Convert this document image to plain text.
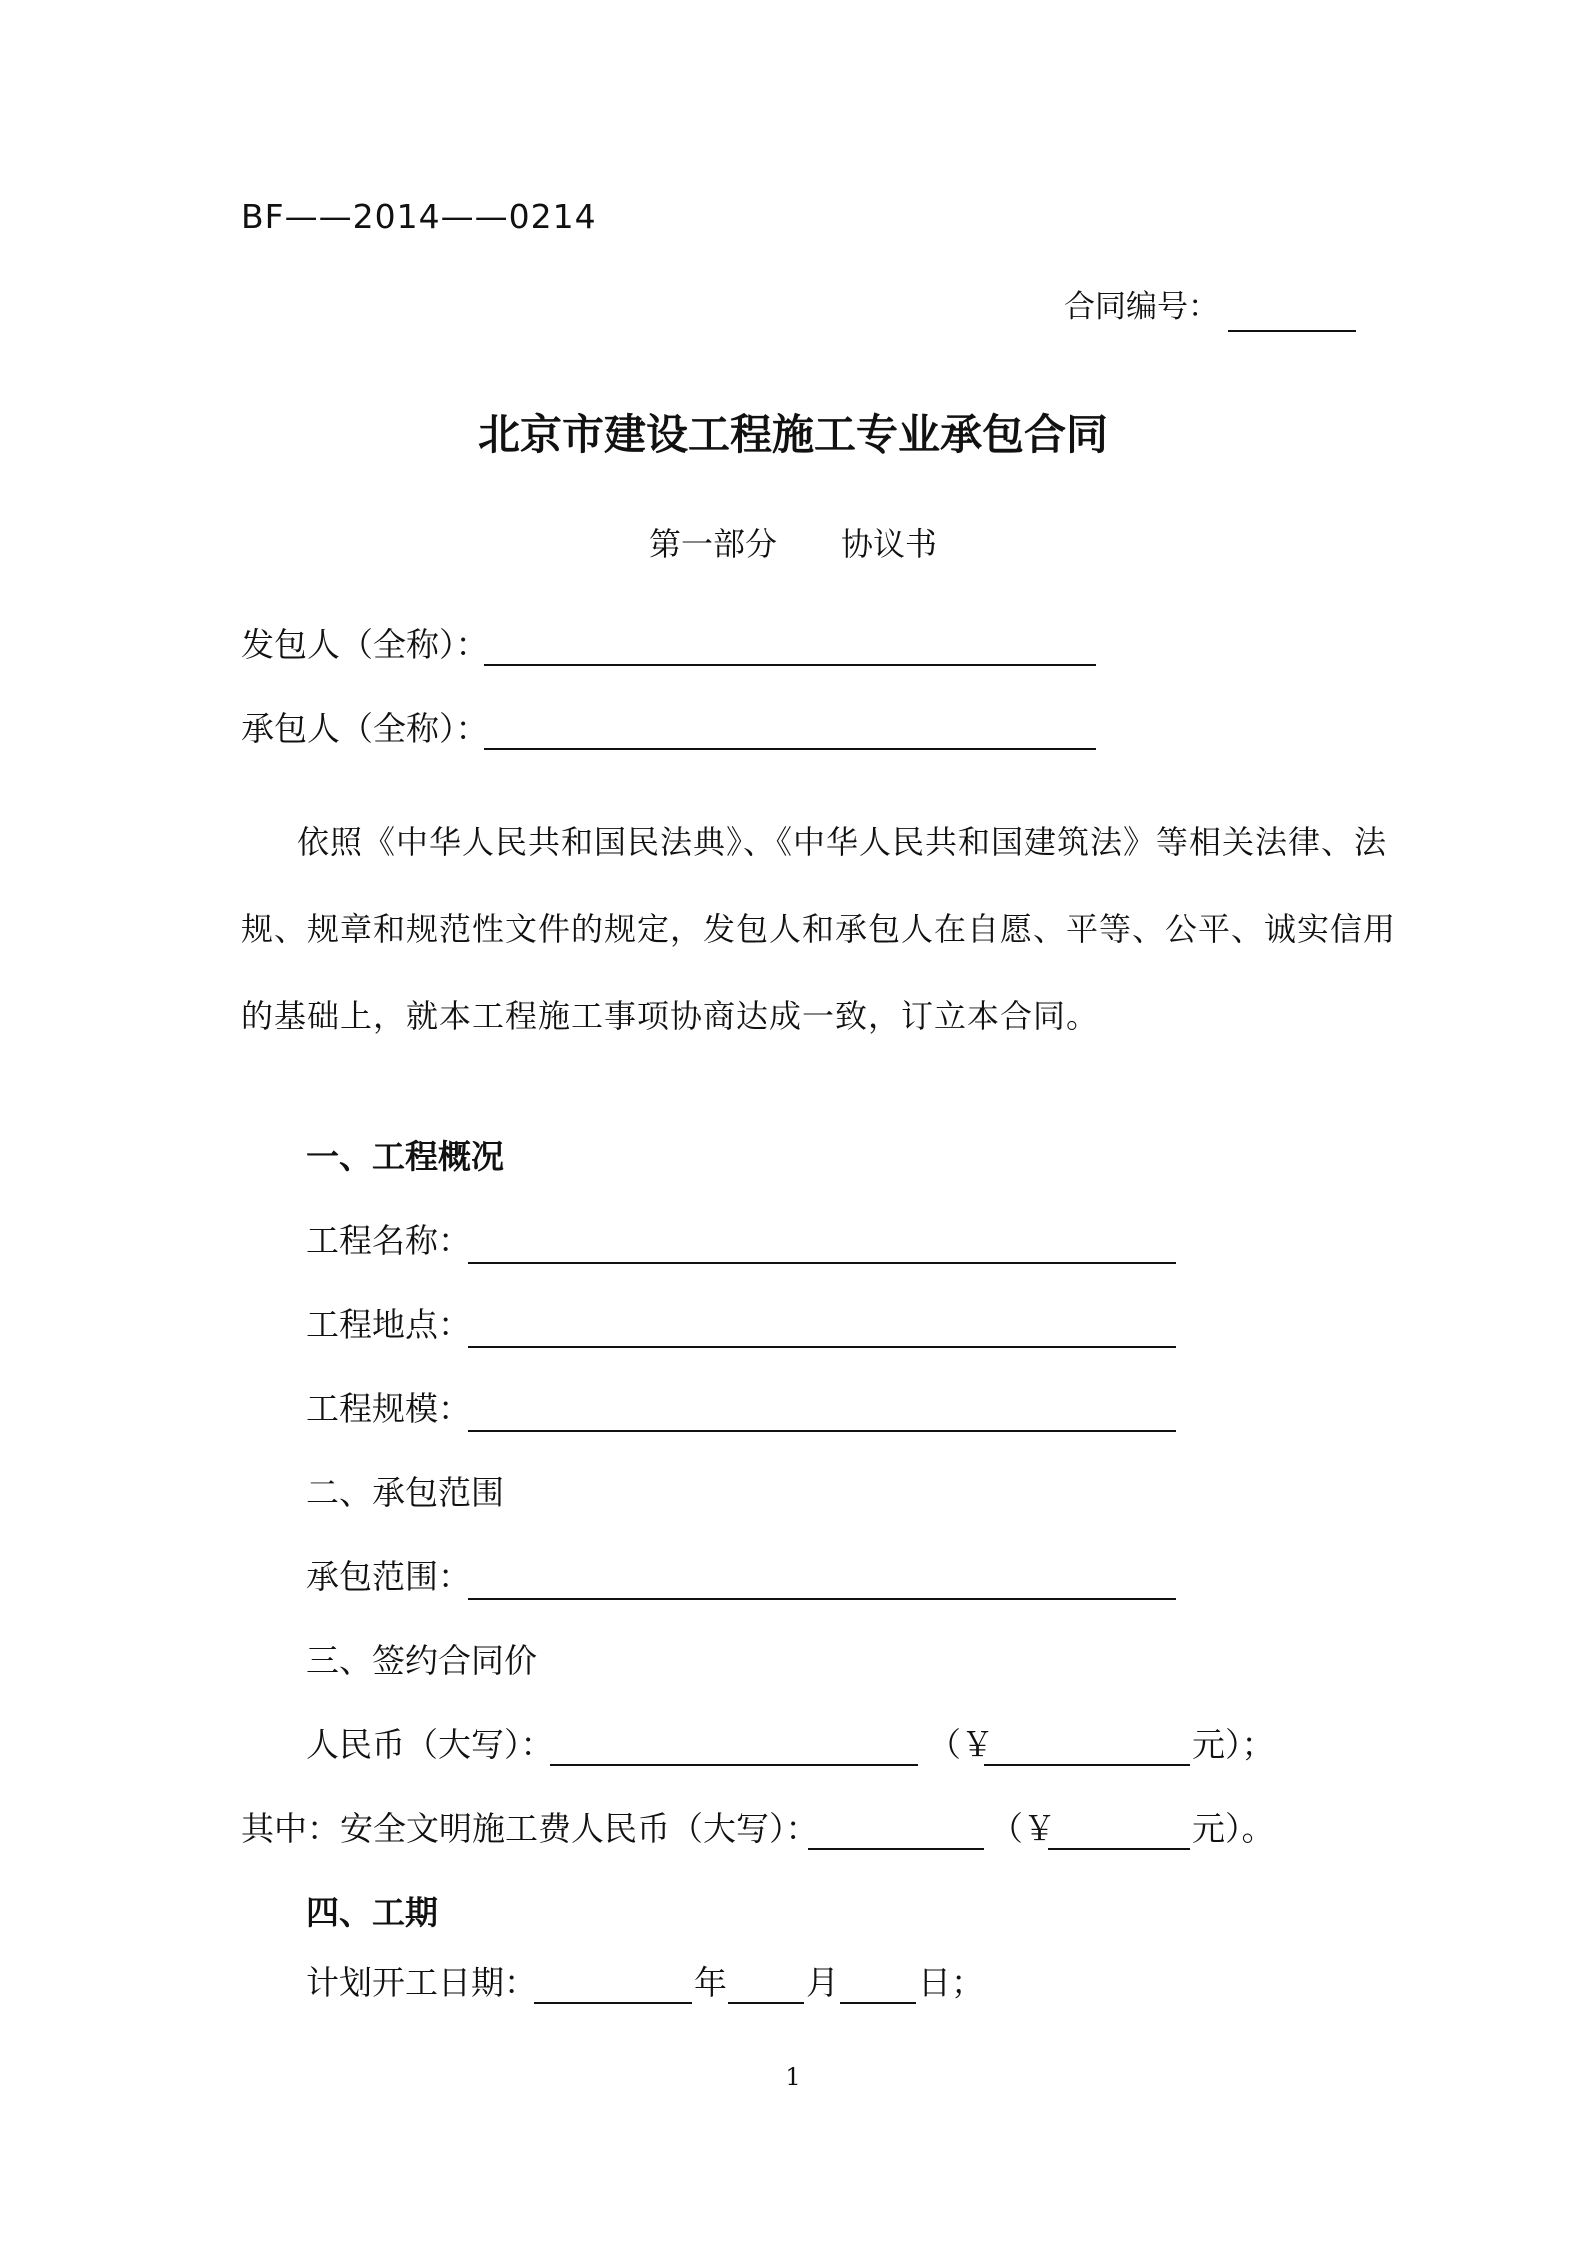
BF——2014——0214
合同编号：
北京市建设工程施工专业承包合同
第一部分 协议书
发包人（全称）：
承包人（全称）：
依照《中华人民共和国民法典》、《中华人民共和国建筑法》等相关法律、法
规、规章和规范性文件的规定，发包人和承包人在自愿、平等、公平、诚实信用
的基础上，就本工程施工事项协商达成一致，订立本合同。
一、工程概况
工程名称：
工程地点：
工程规模：
二、承包范围
承包范围：
三、签约合同价
人民币（大写）：	（￥	元）；
其中：安全文明施工费人民币（大写）：	（￥	元）。
四、工期
计划开工日期：	年 月 日；
1
